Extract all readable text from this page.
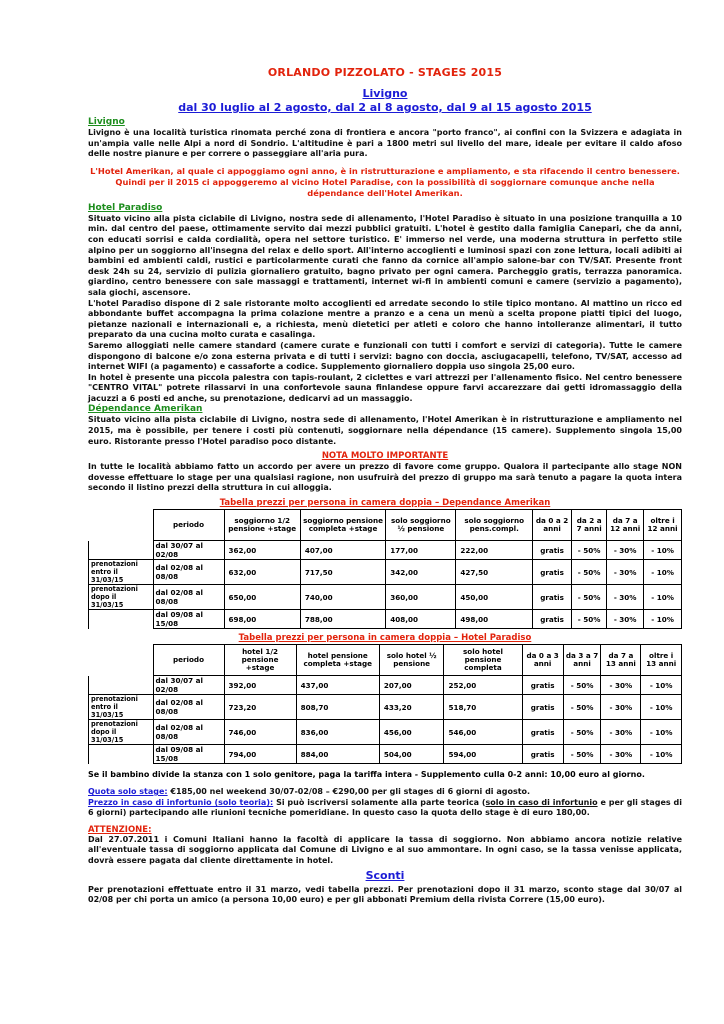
ORLANDO PIZZOLATO - STAGES 2015
Livigno
dal 30 luglio al 2 agosto, dal 2 al 8 agosto, dal 9 al 15 agosto 2015
Livigno

Livigno è una località turistica rinomata perché zona di frontiera e ancora "porto franco", ai confini con la Svizzera e adagiata in un'ampia valle nelle Alpi a nord di Sondrio. L'altitudine è pari a 1800 metri sul livello del mare, ideale per evitare il caldo afoso delle nostre pianure e per correre o passeggiare all'aria pura.

L'Hotel Amerikan, al quale ci appoggiamo ogni anno, è in ristrutturazione e ampliamento, e sta rifacendo il centro benessere. Quindi per il 2015 ci appoggeremo al vicino Hotel Paradise, con la possibilità di soggiornare comunque anche nella dépendance dell'Hotel Amerikan.

Hotel Paradiso

Situato vicino alla pista ciclabile di Livigno, nostra sede di allenamento, l'Hotel Paradiso è situato in una posizione tranquilla a 10 min. dal centro del paese, ottimamente servito dai mezzi pubblici gratuiti. L'hotel è gestito dalla famiglia Canepari, che da anni, con educati sorrisi e calda cordialità, opera nel settore turistico. E' immerso nel verde, una moderna struttura in perfetto stile alpino per un soggiorno all'insegna del relax e dello sport. All'interno accoglienti e luminosi spazi con zone lettura, locali adibiti ai bambini ed ambienti caldi, rustici e particolarmente curati che fanno da cornice all'ampio salone-bar con TV/SAT. Presente front desk 24h su 24, servizio di pulizia giornaliero gratuito, bagno privato per ogni camera. Parcheggio gratis, terrazza panoramica. giardino, centro benessere con sale massaggi e trattamenti, internet wi-fi in ambienti comuni e camere (servizio a pagamento), sala giochi, ascensore.

L'hotel Paradiso dispone di 2 sale ristorante molto accoglienti ed arredate secondo lo stile tipico montano. Al mattino un ricco ed abbondante buffet accompagna la prima colazione mentre a pranzo e a cena un menù a scelta propone piatti tipici del luogo, pietanze nazionali e internazionali e, a richiesta, menù dietetici per atleti e coloro che hanno intolleranze alimentari, il tutto preparato da una cucina molto curata e casalinga.

Saremo alloggiati nelle camere standard (camere curate e funzionali con tutti i comfort e servizi di categoria). Tutte le camere dispongono di balcone e/o zona esterna privata e di tutti i servizi: bagno con doccia, asciugacapelli, telefono, TV/SAT, accesso ad internet WIFI (a pagamento) e cassaforte a codice. Supplemento giornaliero doppia uso singola 25,00 euro.

In hotel è presente una piccola palestra con tapis-roulant, 2 ciclettes e vari attrezzi per l'allenamento fisico. Nel centro benessere "CENTRO VITAL" potrete rilassarvi in una confortevole sauna finlandese oppure farvi accarezzare dai getti idromassaggio della jacuzzi a 6 posti ed anche, su prenotazione, dedicarvi ad un massaggio.

Dépendance Amerikan

Situato vicino alla pista ciclabile di Livigno, nostra sede di allenamento, l'Hotel Amerikan è in ristrutturazione e ampliamento nel 2015, ma è possibile, per tenere i costi più contenuti, soggiornare nella dépendance (15 camere). Supplemento singola 15,00 euro. Ristorante presso l'Hotel paradiso poco distante.

NOTA MOLTO IMPORTANTE

In tutte le località abbiamo fatto un accordo per avere un prezzo di favore come gruppo. Qualora il partecipante allo stage NON dovesse effettuare lo stage per una qualsiasi ragione, non usufruirà del prezzo di gruppo ma sarà tenuto a pagare la quota intera secondo il listino prezzi della struttura in cui alloggia.

Tabella prezzi per persona in camera doppia – Dependance Amerikan
	periodo	soggiorno 1/2 pensione +stage	soggiorno pensione completa +stage	solo soggiorno ½ pensione	solo soggiorno pens.compl.	da 0 a 2 anni	da 2 a 7 anni	da 7 a 12 anni	oltre i 12 anni
	dal 30/07 al 02/08	362,00	407,00	177,00	222,00	gratis	- 50%	- 30%	- 10%
prenotazioni entro il 31/03/15	dal 02/08 al 08/08	632,00	717,50	342,00	427,50	gratis	- 50%	- 30%	- 10%
prenotazioni dopo il 31/03/15	dal 02/08 al 08/08	650,00	740,00	360,00	450,00	gratis	- 50%	- 30%	- 10%
	dal 09/08 al 15/08	698,00	788,00	408,00	498,00	gratis	- 50%	- 30%	- 10%
Tabella prezzi per persona in camera doppia – Hotel Paradiso
	periodo	hotel 1/2 pensione +stage	hotel pensione completa +stage	solo hotel ½ pensione	solo hotel pensione completa	da 0 a 3 anni	da 3 a 7 anni	da 7 a 13 anni	oltre i 13 anni
	dal 30/07 al 02/08	392,00	437,00	207,00	252,00	gratis	- 50%	- 30%	- 10%
prenotazioni entro il 31/03/15	dal 02/08 al 08/08	723,20	808,70	433,20	518,70	gratis	- 50%	- 30%	- 10%
prenotazioni dopo il 31/03/15	dal 02/08 al 08/08	746,00	836,00	456,00	546,00	gratis	- 50%	- 30%	- 10%
	dal 09/08 al 15/08	794,00	884,00	504,00	594,00	gratis	- 50%	- 30%	- 10%
Se il bambino divide la stanza con 1 solo genitore, paga la tariffa intera - Supplemento culla 0-2 anni: 10,00 euro al giorno.

Quota solo stage: €185,00 nel weekend 30/07-02/08 – €290,00 per gli stages di 6 giorni di agosto.

Prezzo in caso di infortunio (solo teoria): Si può iscriversi solamente alla parte teorica (solo in caso di infortunio e per gli stages di 6 giorni) partecipando alle riunioni tecniche pomeridiane. In questo caso la quota dello stage è di euro 180,00.

ATTENZIONE:

Dal 27.07.2011 i Comuni Italiani hanno la facoltà di applicare la tassa di soggiorno. Non abbiamo ancora notizie relative all'eventuale tassa di soggiorno applicata dal Comune di Livigno e al suo ammontare. In ogni caso, se la tassa venisse applicata, dovrà essere pagata dal cliente direttamente in hotel.

Sconti

Per prenotazioni effettuate entro il 31 marzo, vedi tabella prezzi. Per prenotazioni dopo il 31 marzo, sconto stage dal 30/07 al 02/08 per chi porta un amico (a persona 10,00 euro) e per gli abbonati Premium della rivista Correre (15,00 euro).
